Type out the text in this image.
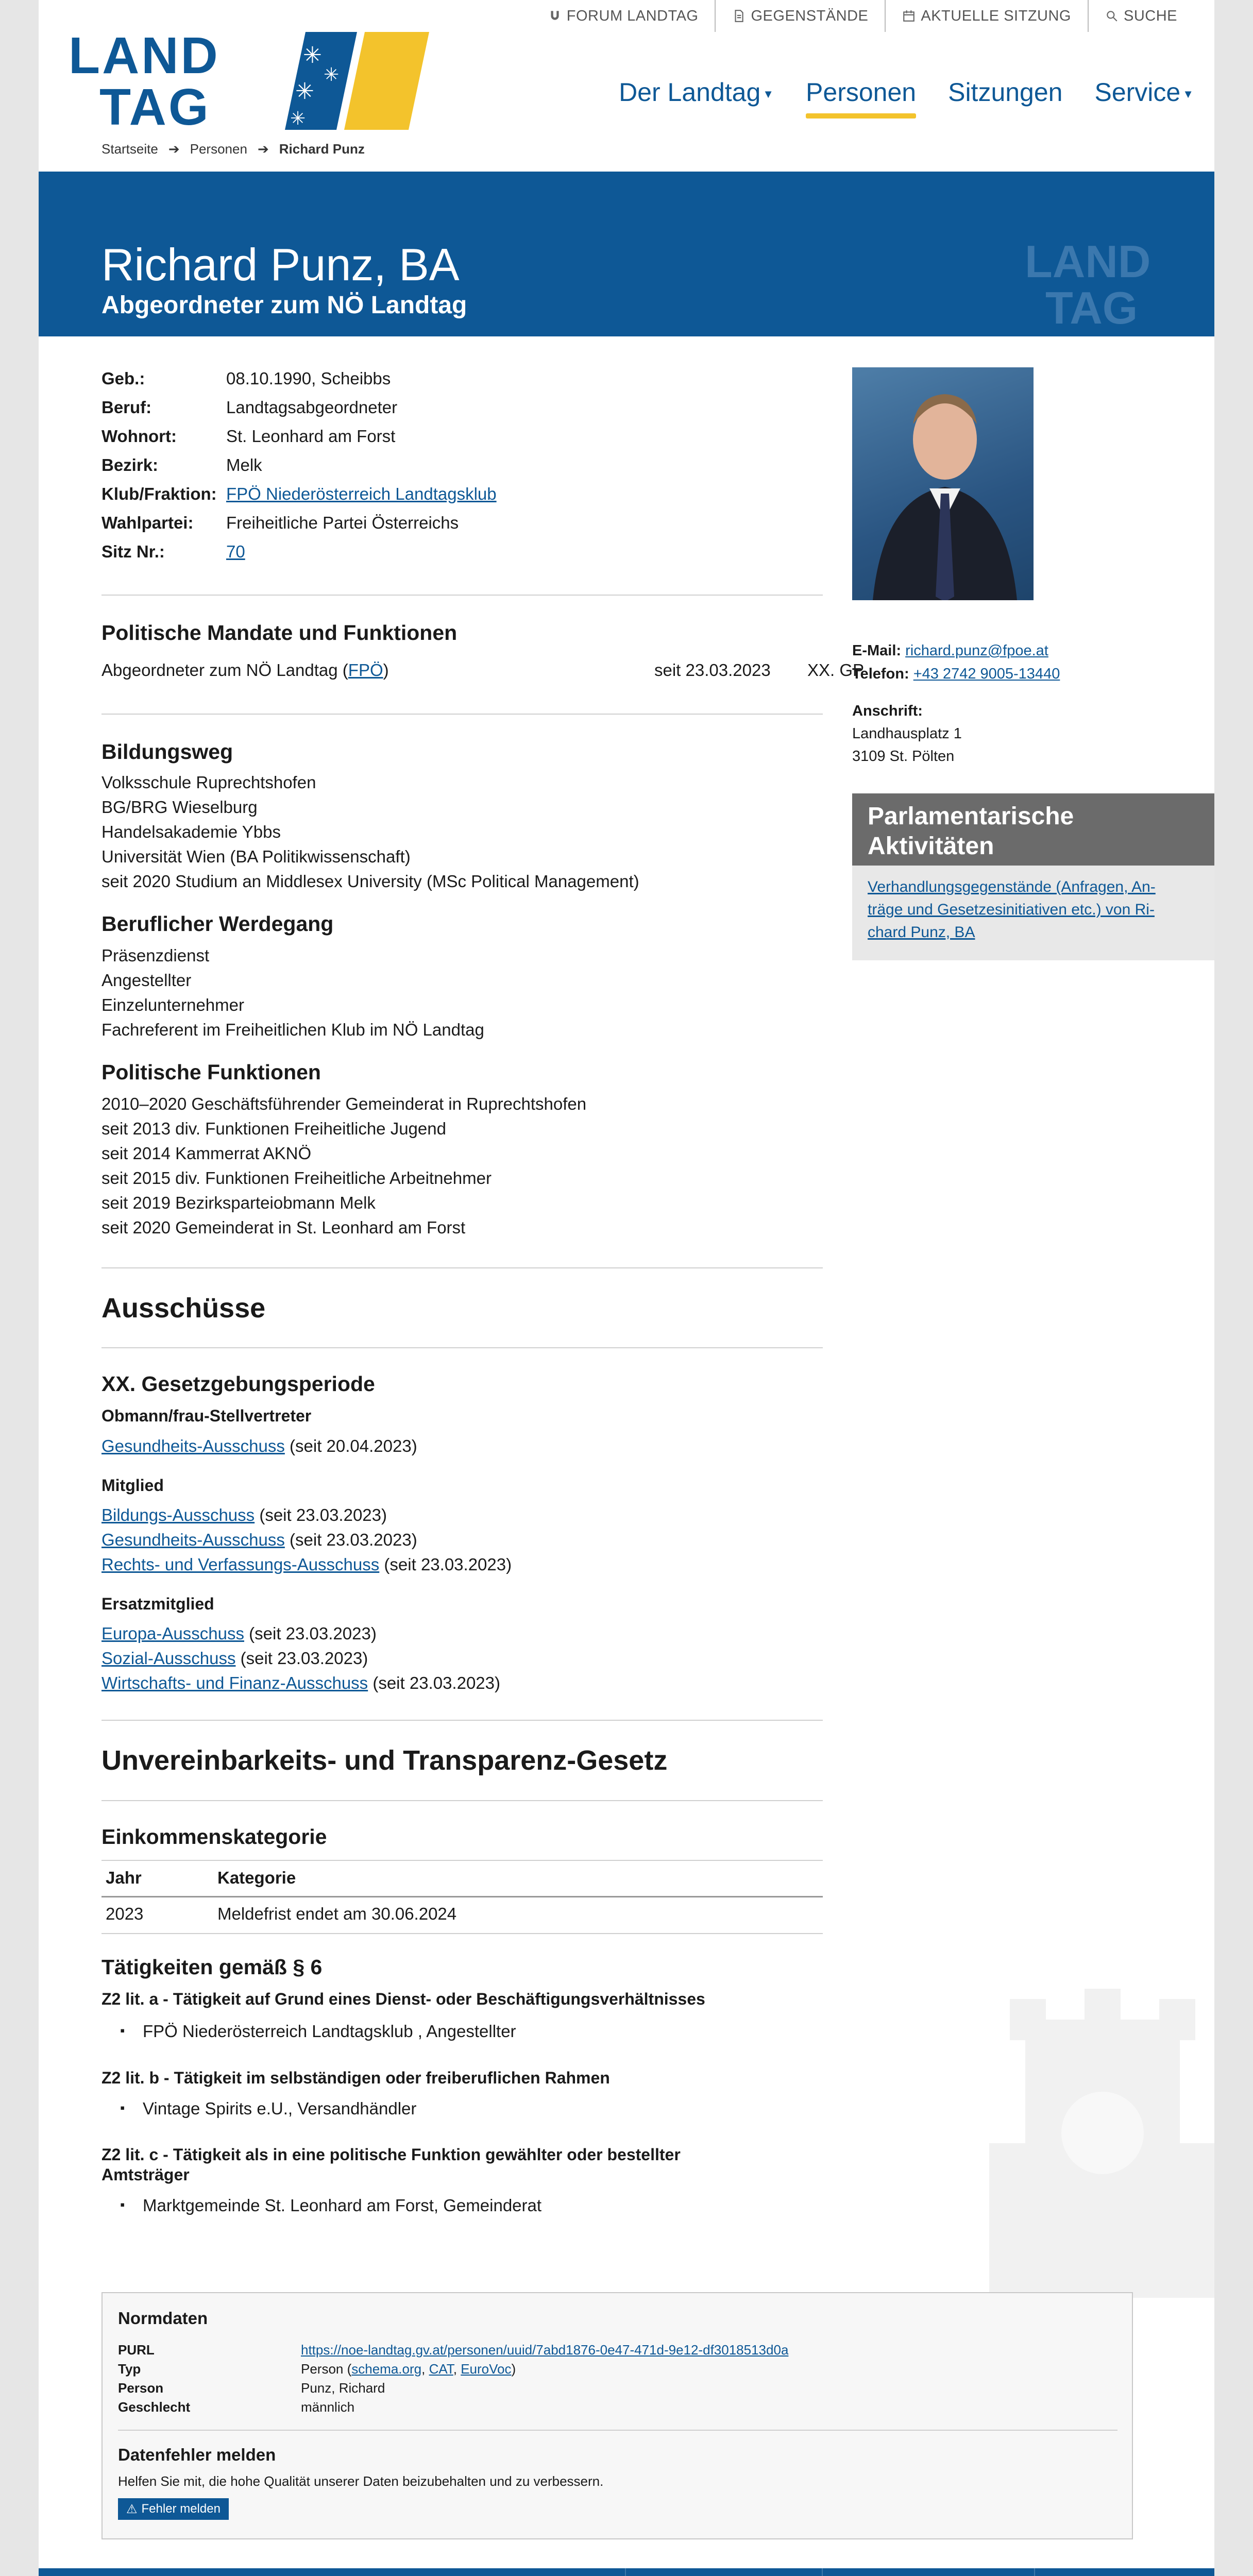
FORUM LANDTAG	GEGENSTÄNDE	AKTUELLE SITZUNG	SUCHE
LAND
TAG
✳
✳
✳
✳
Der Landtag ▼ Personen Sitzungen Service ▼
Startseite ➔ Personen ➔ Richard Punz
Richard Punz, BA
Abgeordneter zum NÖ Landtag
LAND
TAG
Geb.:	08.10.1990, Scheibbs
Beruf:	Landtagsabgeordneter
Wohnort:	St. Leonhard am Forst
Bezirk:	Melk
Klub/Fraktion: FPÖ Niederösterreich Landtagsklub
Wahlpartei: Freiheitliche Partei Österreichs
Sitz Nr.:	70
Politische Mandate und Funktionen
Abgeordneter zum NÖ Landtag (FPÖ)	seit 23.03.2023 XX. GP
Bildungsweg
Volksschule Ruprechtshofen
BG/BRG Wieselburg
Handelsakademie Ybbs
Universität Wien (BA Politikwissenschaft)
seit 2020 Studium an Middlesex University (MSc Political Management)
Beruflicher Werdegang
Präsenzdienst
Angestellter
Einzelunternehmer
Fachreferent im Freiheitlichen Klub im NÖ Landtag
Politische Funktionen
2010–2020 Geschäftsführender Gemeinderat in Ruprechtshofen
seit 2013 div. Funktionen Freiheitliche Jugend
seit 2014 Kammerrat AKNÖ
seit 2015 div. Funktionen Freiheitliche Arbeitnehmer
seit 2019 Bezirksparteiobmann Melk
seit 2020 Gemeinderat in St. Leonhard am Forst
Ausschüsse
XX. Gesetzgebungsperiode
Obmann/frau-Stellvertreter
Gesundheits-Ausschuss (seit 20.04.2023)
Mitglied
Bildungs-Ausschuss (seit 23.03.2023)
Gesundheits-Ausschuss (seit 23.03.2023)
Rechts- und Verfassungs-Ausschuss (seit 23.03.2023)
Ersatzmitglied
Europa-Ausschuss (seit 23.03.2023)
Sozial-Ausschuss (seit 23.03.2023)
Wirtschafts- und Finanz-Ausschuss (seit 23.03.2023)
Unvereinbarkeits- und Transparenz-Gesetz
Einkommenskategorie
Jahr	Kategorie
2023	Meldefrist endet am 30.06.2024
Tätigkeiten gemäß § 6
Z2 lit. a - Tätigkeit auf Grund eines Dienst- oder Beschäftigungsverhältnisses
▪ FPÖ Niederösterreich Landtagsklub , Angestellter
Z2 lit. b - Tätigkeit im selbständigen oder freiberuflichen Rahmen
▪ Vintage Spirits e.U., Versandhändler
Z2 lit. c - Tätigkeit als in eine politische Funktion gewählter oder bestellter
Amtsträger
▪ Marktgemeinde St. Leonhard am Forst, Gemeinderat
E-Mail: richard.punz@fpoe.at
Telefon: +43 2742 9005-13440
Anschrift:
Landhausplatz 1
3109 St. Pölten
Parlamentarische
Aktivitäten
Verhandlungsgegenstände (Anfragen, An-
träge und Gesetzesinitiativen etc.) von Ri-
chard Punz, BA
Normdaten
PURL	https://noe-landtag.gv.at/personen/uuid/7abd1876-0e47-471d-9e12-df3018513d0a
Typ	Person (schema.org, CAT, EuroVoc)
Person	Punz, Richard
Geschlecht	männlich
Datenfehler melden
Helfen Sie mit, die hohe Qualität unserer Daten beizubehalten und zu verbessern.
⚠ Fehler melden
